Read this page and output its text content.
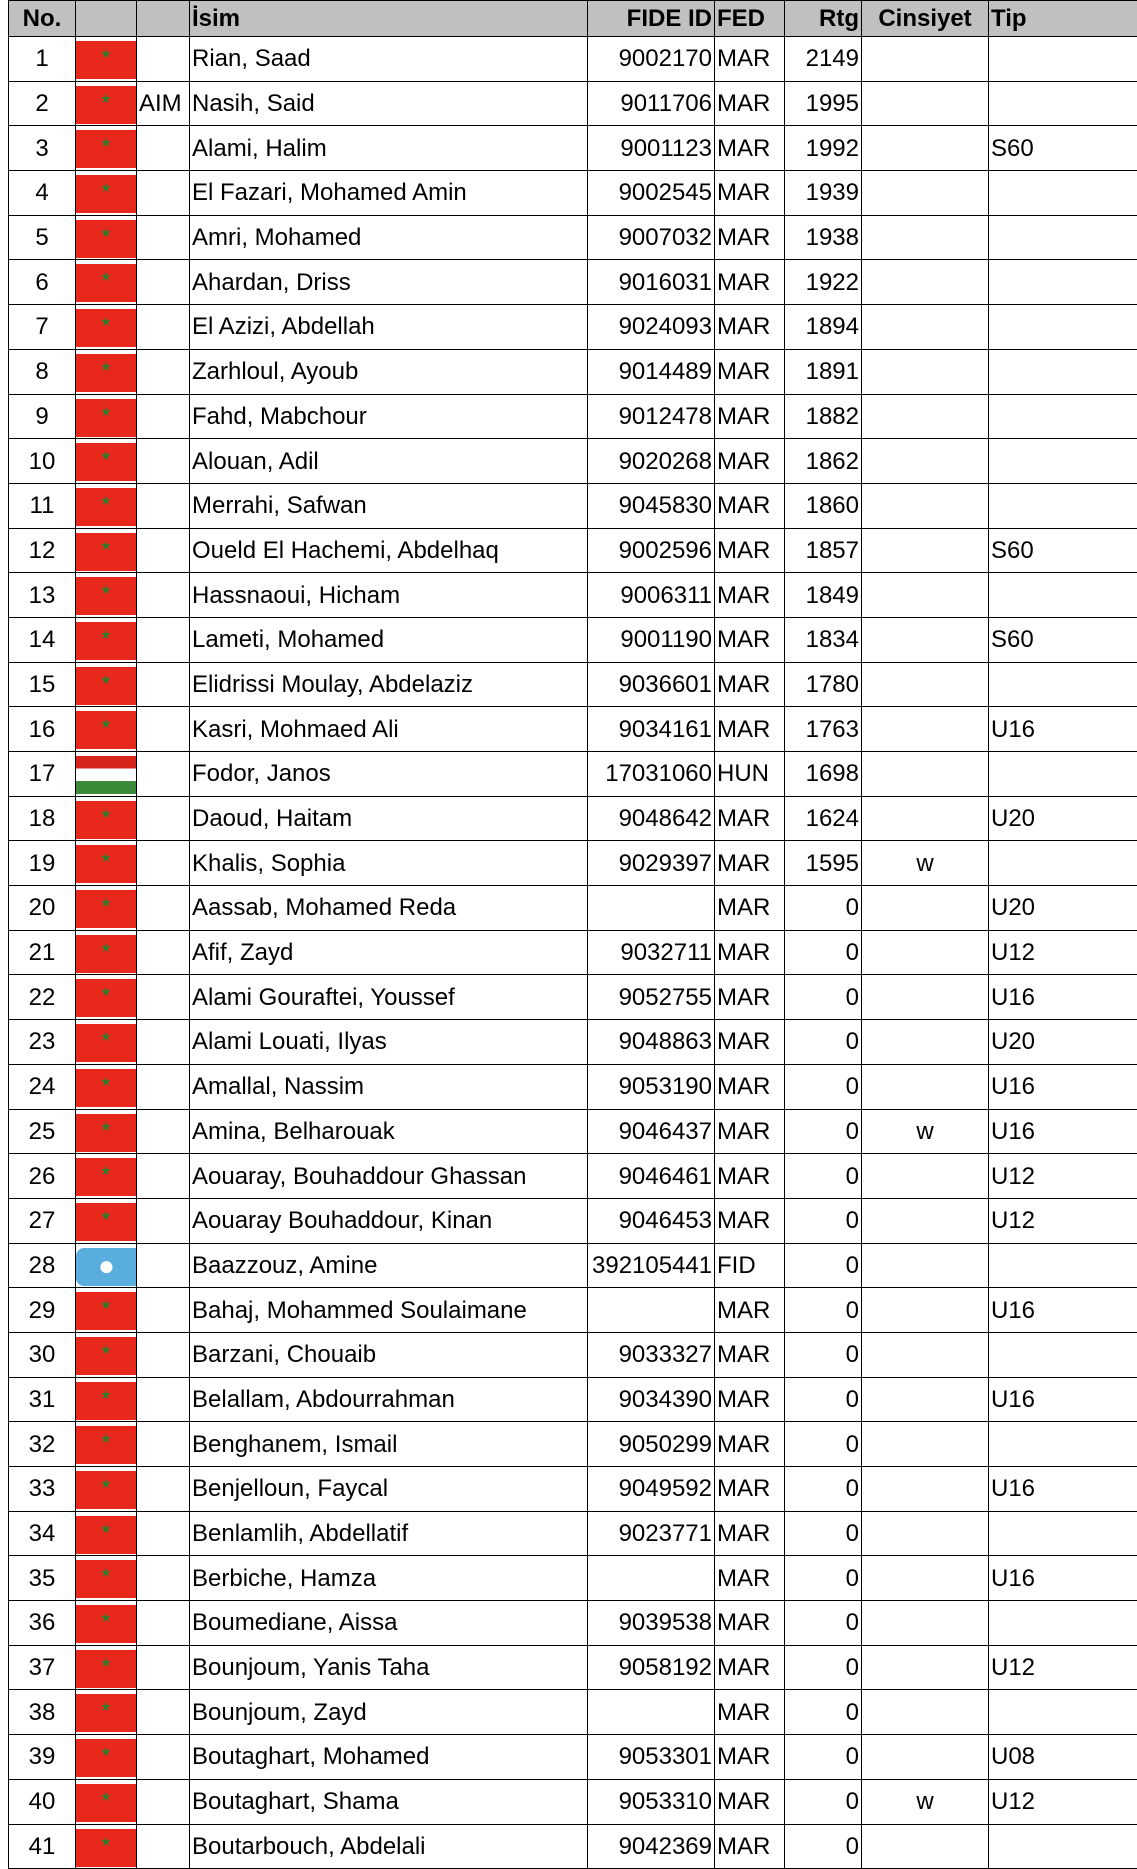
No.			İsim	FIDE ID	FED	Rtg	Cinsiyet	Tip
1	★		Rian, Saad	9002170	MAR	2149		
2	★	AIM	Nasih, Said	9011706	MAR	1995		
3	★		Alami, Halim	9001123	MAR	1992		S60
4	★		El Fazari, Mohamed Amin	9002545	MAR	1939		
5	★		Amri, Mohamed	9007032	MAR	1938		
6	★		Ahardan, Driss	9016031	MAR	1922		
7	★		El Azizi, Abdellah	9024093	MAR	1894		
8	★		Zarhloul, Ayoub	9014489	MAR	1891		
9	★		Fahd, Mabchour	9012478	MAR	1882		
10	★		Alouan, Adil	9020268	MAR	1862		
11	★		Merrahi, Safwan	9045830	MAR	1860		
12	★		Oueld El Hachemi, Abdelhaq	9002596	MAR	1857		S60
13	★		Hassnaoui, Hicham	9006311	MAR	1849		
14	★		Lameti, Mohamed	9001190	MAR	1834		S60
15	★		Elidrissi Moulay, Abdelaziz	9036601	MAR	1780		
16	★		Kasri, Mohmaed Ali	9034161	MAR	1763		U16
17			Fodor, Janos	17031060	HUN	1698		
18	★		Daoud, Haitam	9048642	MAR	1624		U20
19	★		Khalis, Sophia	9029397	MAR	1595	w	
20	★		Aassab, Mohamed Reda		MAR	0		U20
21	★		Afif, Zayd	9032711	MAR	0		U12
22	★		Alami Gouraftei, Youssef	9052755	MAR	0		U16
23	★		Alami Louati, Ilyas	9048863	MAR	0		U20
24	★		Amallal, Nassim	9053190	MAR	0		U16
25	★		Amina, Belharouak	9046437	MAR	0	w	U16
26	★		Aouaray, Bouhaddour Ghassan	9046461	MAR	0		U12
27	★		Aouaray Bouhaddour, Kinan	9046453	MAR	0		U12
28	●		Baazzouz, Amine	392105441	FID	0		
29	★		Bahaj, Mohammed Soulaimane		MAR	0		U16
30	★		Barzani, Chouaib	9033327	MAR	0		
31	★		Belallam, Abdourrahman	9034390	MAR	0		U16
32	★		Benghanem, Ismail	9050299	MAR	0		
33	★		Benjelloun, Faycal	9049592	MAR	0		U16
34	★		Benlamlih, Abdellatif	9023771	MAR	0		
35	★		Berbiche, Hamza		MAR	0		U16
36	★		Boumediane, Aissa	9039538	MAR	0		
37	★		Bounjoum, Yanis Taha	9058192	MAR	0		U12
38	★		Bounjoum, Zayd		MAR	0		
39	★		Boutaghart, Mohamed	9053301	MAR	0		U08
40	★		Boutaghart, Shama	9053310	MAR	0	w	U12
41	★		Boutarbouch, Abdelali	9042369	MAR	0		
